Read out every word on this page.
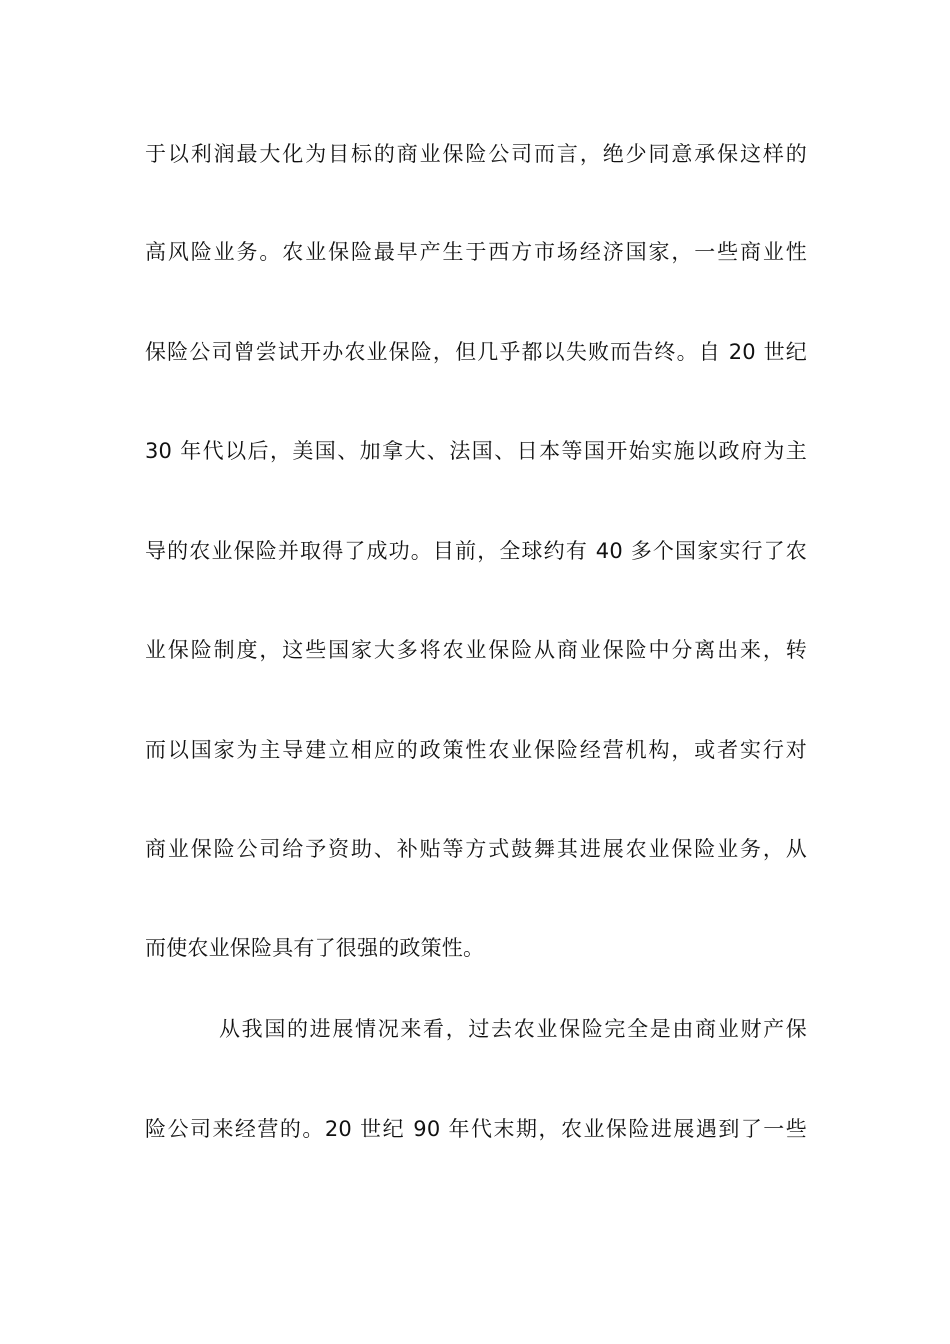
于以利润最大化为目标的商业保险公司而言，绝少同意承保这样的
高风险业务。农业保险最早产生于西方市场经济国家，一些商业性
保险公司曾尝试开办农业保险，但几乎都以失败而告终。自 20 世纪
30 年代以后，美国、加拿大、法国、日本等国开始实施以政府为主
导的农业保险并取得了成功。目前，全球约有 40 多个国家实行了农
业保险制度，这些国家大多将农业保险从商业保险中分离出来，转
而以国家为主导建立相应的政策性农业保险经营机构，或者实行对
商业保险公司给予资助、补贴等方式鼓舞其进展农业保险业务，从
而使农业保险具有了很强的政策性。
从我国的进展情况来看，过去农业保险完全是由商业财产保
险公司来经营的。20 世纪 90 年代末期，农业保险进展遇到了一些
